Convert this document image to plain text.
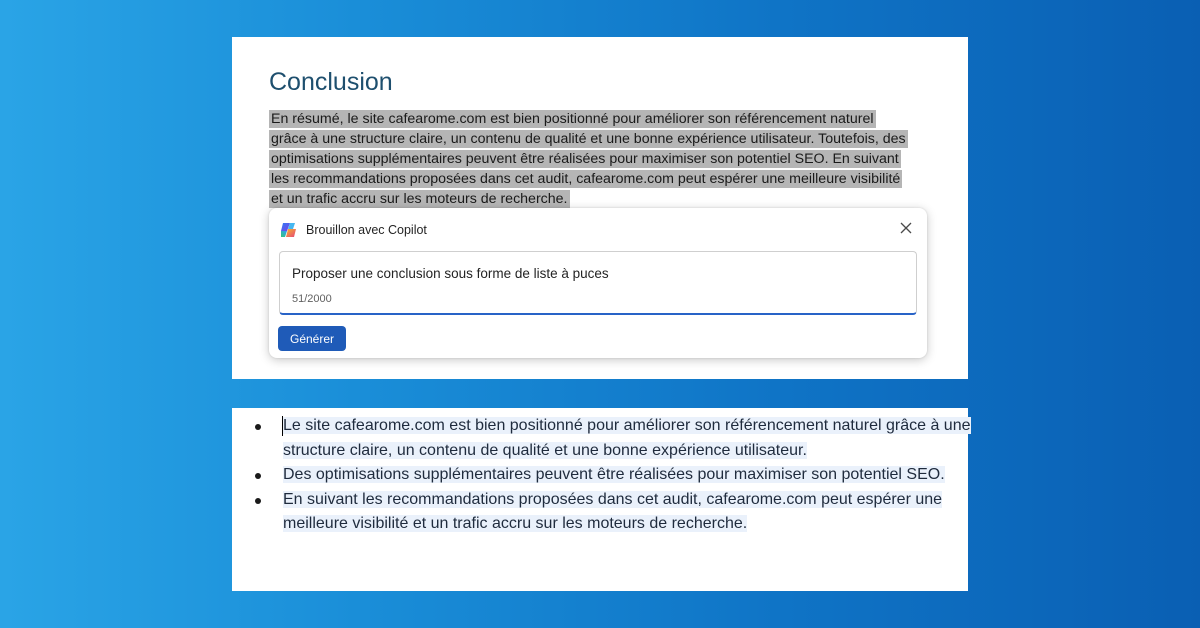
Conclusion

En résumé, le site cafearome.com est bien positionné pour améliorer son référencement naturel grâce à une structure claire, un contenu de qualité et une bonne expérience utilisateur. Toutefois, des optimisations supplémentaires peuvent être réalisées pour maximiser son potentiel SEO. En suivant les recommandations proposées dans cet audit, cafearome.com peut espérer une meilleure visibilité et un trafic accru sur les moteurs de recherche.

Brouillon avec Copilot
Proposer une conclusion sous forme de liste à puces
51/2000
Générer
Le site cafearome.com est bien positionné pour améliorer son référencement naturel grâce à une structure claire, un contenu de qualité et une bonne expérience utilisateur.
Des optimisations supplémentaires peuvent être réalisées pour maximiser son potentiel SEO.
En suivant les recommandations proposées dans cet audit, cafearome.com peut espérer une meilleure visibilité et un trafic accru sur les moteurs de recherche.
